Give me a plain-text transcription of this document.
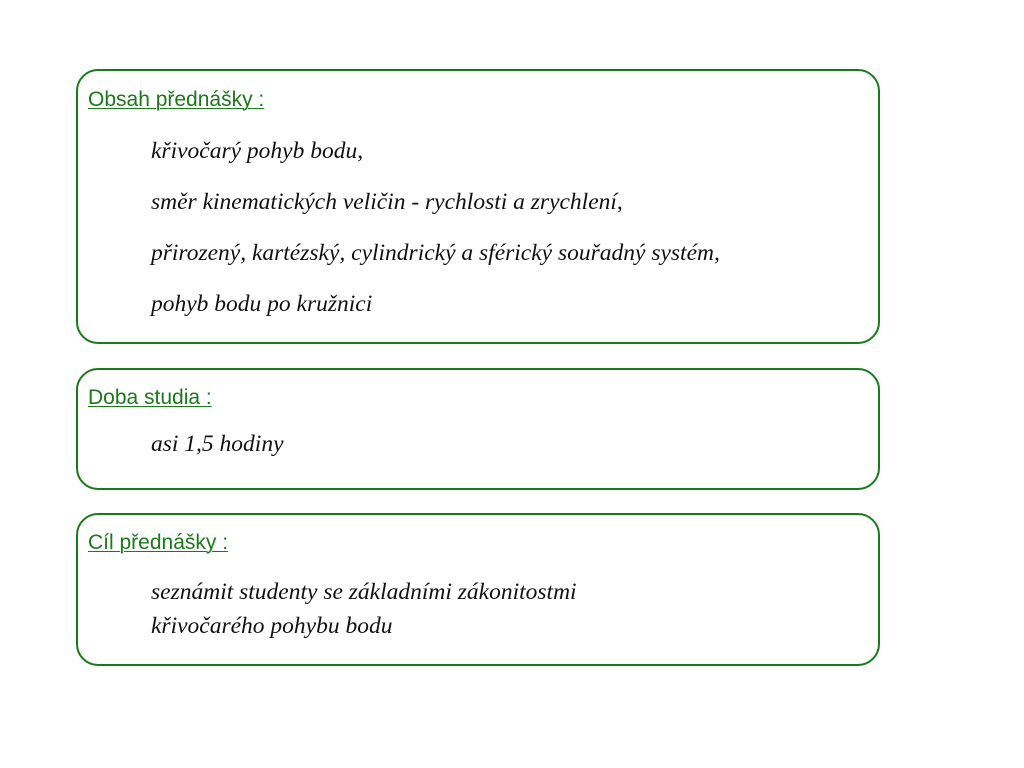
Obsah přednášky :
křivočarý pohyb bodu,
směr kinematických veličin - rychlosti a zrychlení,
přirozený, kartézský, cylindrický a sférický souřadný systém,
pohyb bodu po kružnici
Doba studia :
asi 1,5 hodiny
Cíl přednášky :
seznámit studenty se základními zákonitostmi
křivočarého pohybu bodu
